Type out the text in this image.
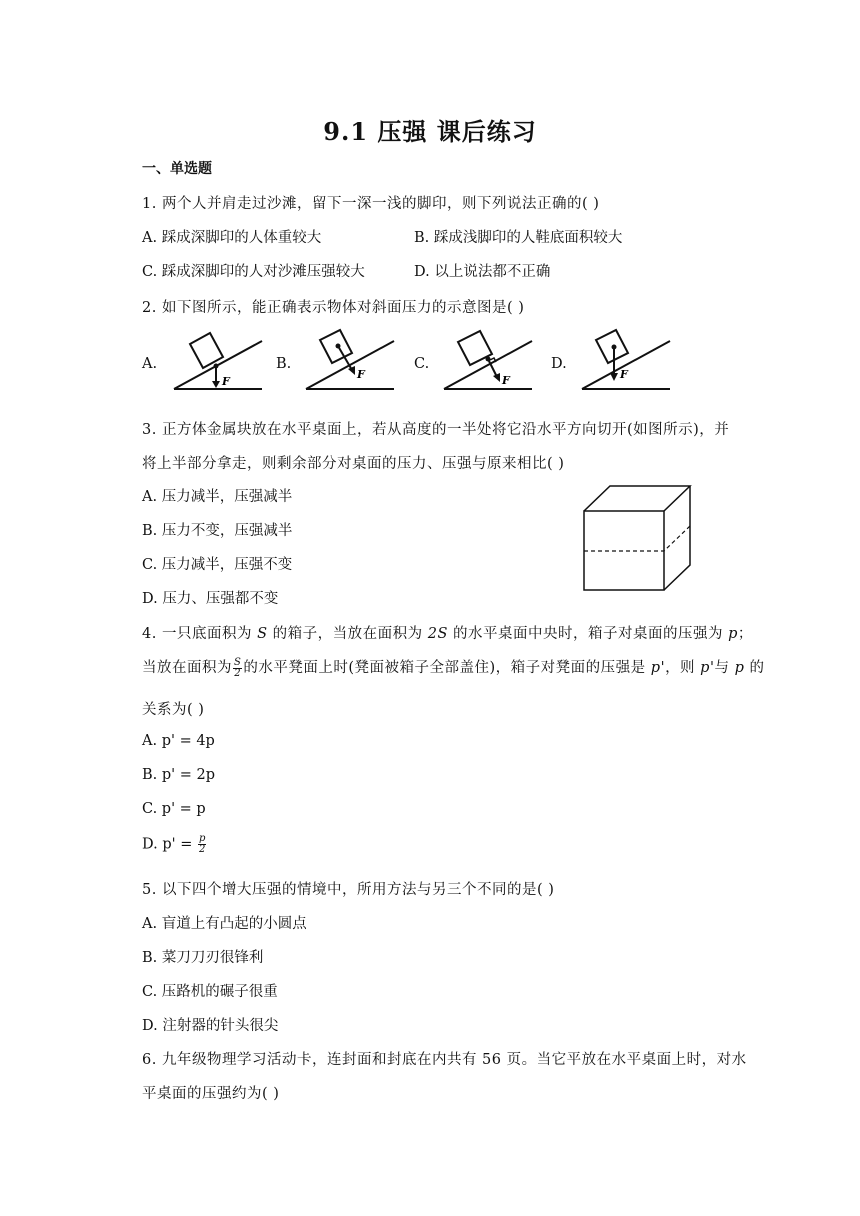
9.1 压强 课后练习
一、单选题
1. 两个人并肩走过沙滩，留下一深一浅的脚印，则下列说法正确的( )
A. 踩成深脚印的人体重较大	B. 踩成浅脚印的人鞋底面积较大
C. 踩成深脚印的人对沙滩压强较大	D. 以上说法都不正确
2. 如下图所示，能正确表示物体对斜面压力的示意图是( )
A.
F
B.
F
C.
F
D.
F
3. 正方体金属块放在水平桌面上，若从高度的一半处将它沿水平方向切开(如图所示)，并
将上半部分拿走，则剩余部分对桌面的压力、压强与原来相比( )
A. 压力减半，压强减半
B. 压力不变，压强减半
C. 压力减半，压强不变
D. 压力、压强都不变
4. 一只底面积为 S 的箱子，当放在面积为 2S 的水平桌面中央时，箱子对桌面的压强为 p；
当放在面积为 $\frac{S}{2}$ 的水平凳面上时(凳面被箱子全部盖住)，箱子对凳面的压强是 p'，则 p'与 p 的
关系为( )
A. p' = 4p
B. p' = 2p
C. p' = p
D. $p' = \frac{p}{2}$
5. 以下四个增大压强的情境中，所用方法与另三个不同的是( )
A. 盲道上有凸起的小圆点
B. 菜刀刀刃很锋利
C. 压路机的碾子很重
D. 注射器的针头很尖
6. 九年级物理学习活动卡，连封面和封底在内共有 56 页。当它平放在水平桌面上时，对水
平桌面的压强约为( )
